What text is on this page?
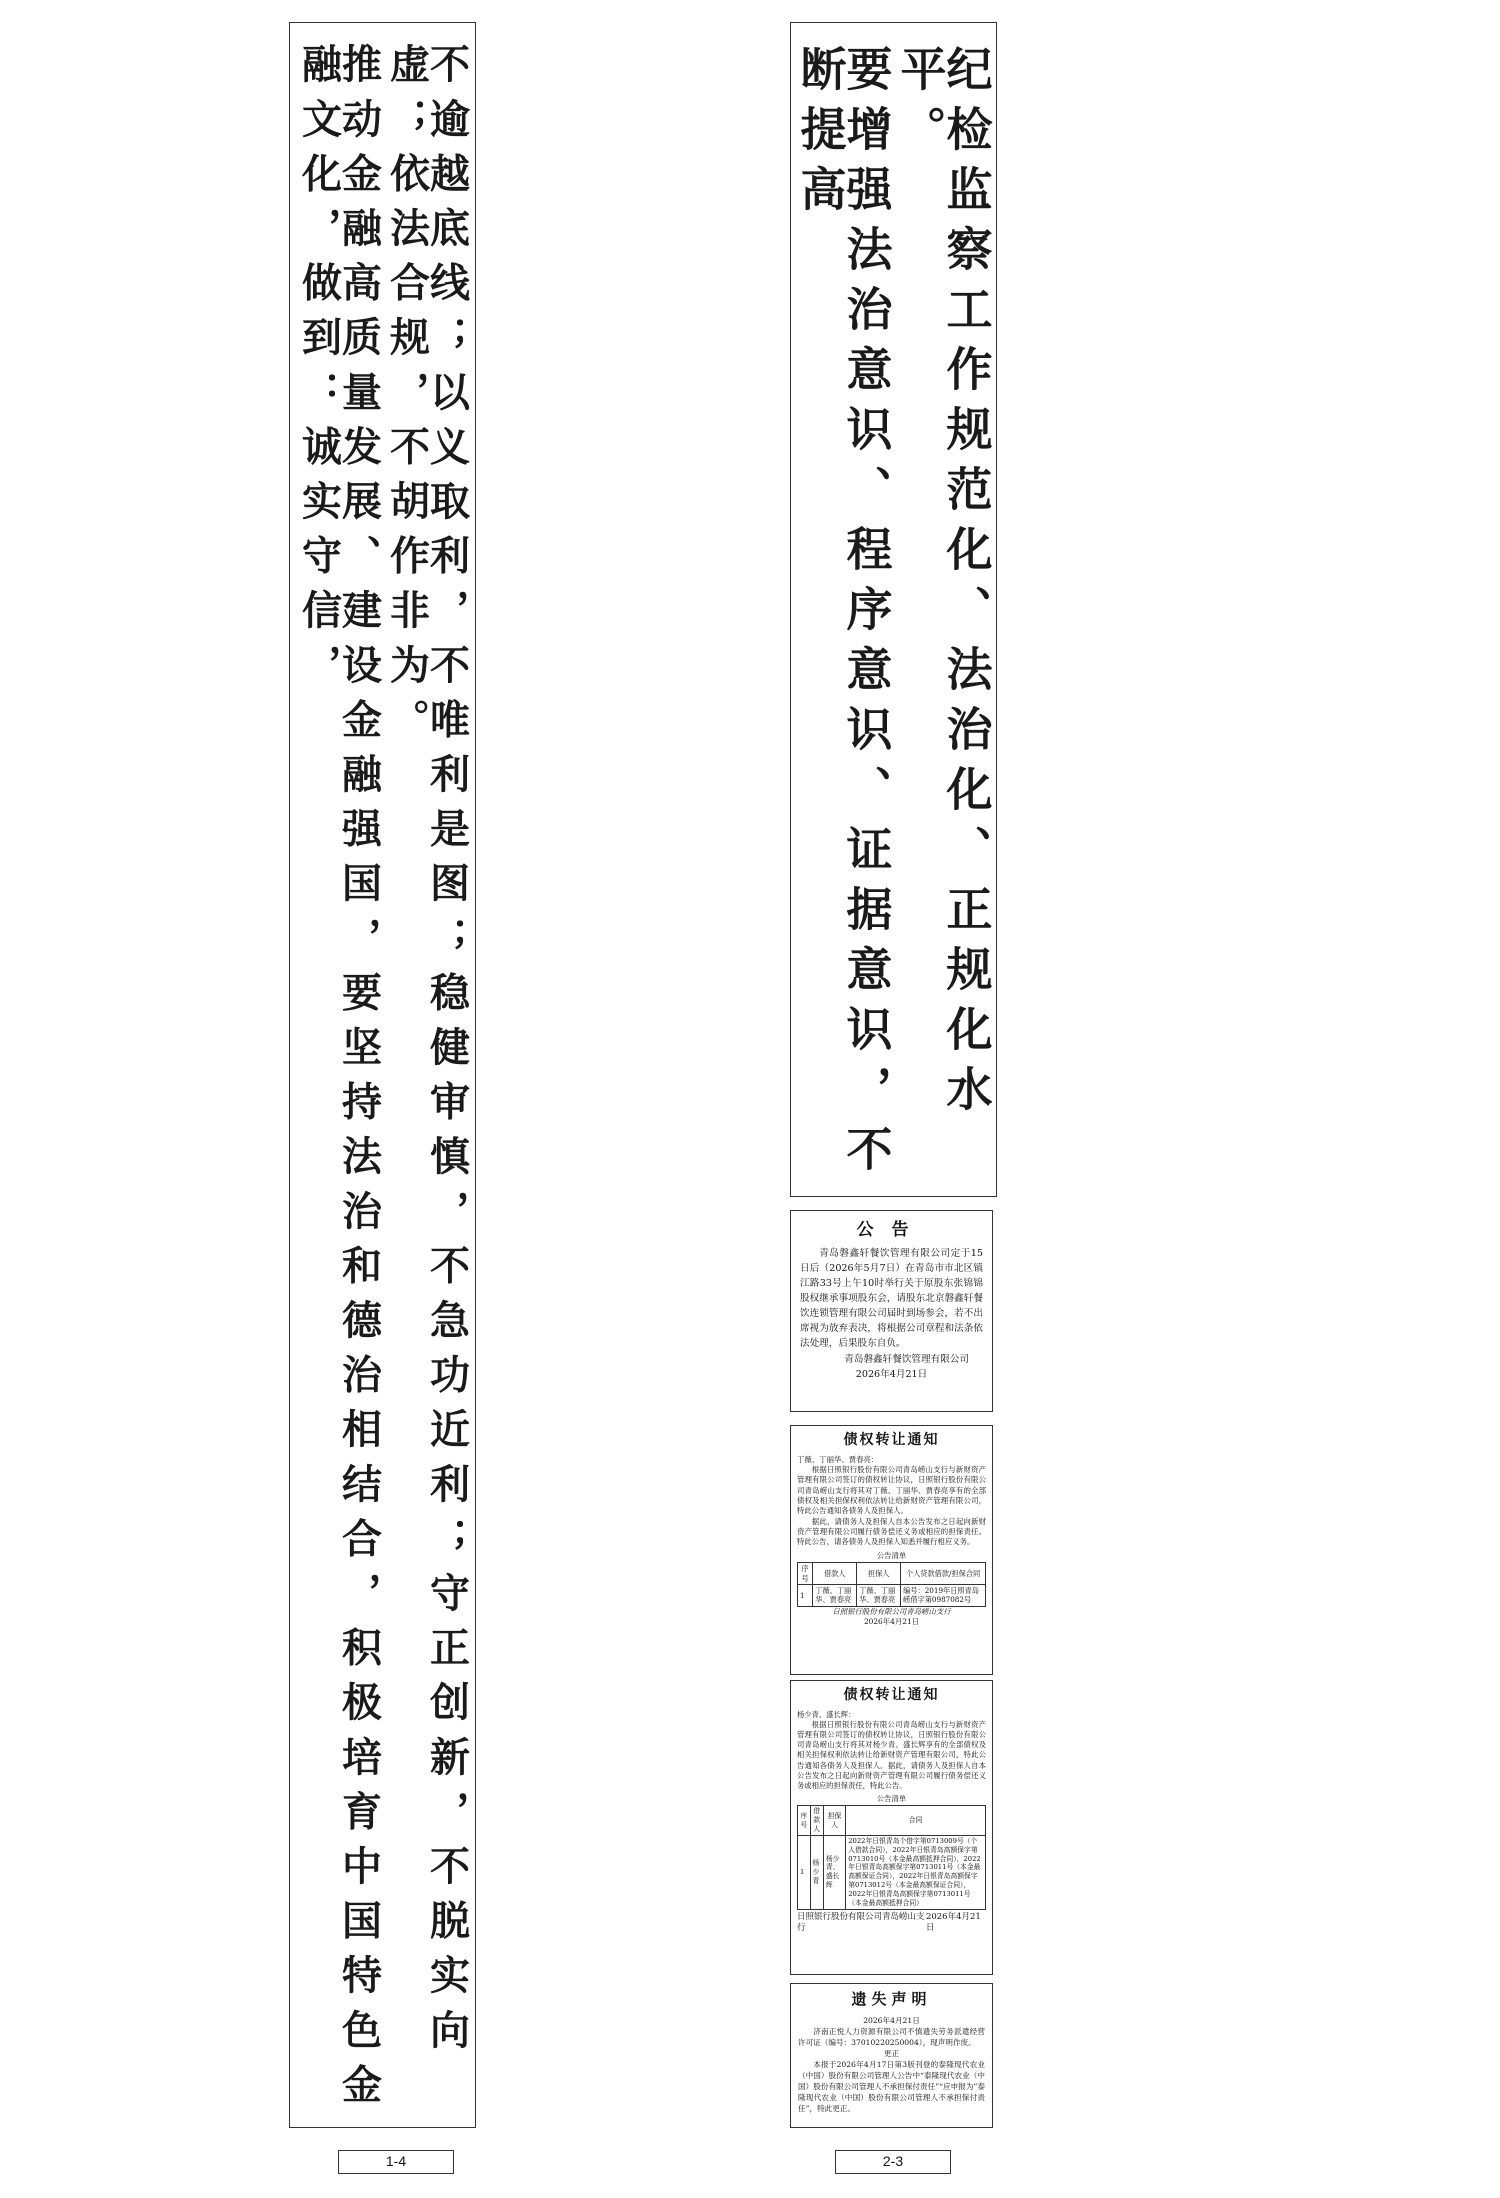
不逾越底线；以义取利，不唯利是图；稳健审慎，不急功近利；守正创新，不脱实向虚；依法合规，不胡作非为。
推动金融高质量发展、建设金融强国，要坚持法治和德治相结合，积极培育中国特色金融文化，做到：诚实守信，	纪检监察工作规范化、法治化、正规化水平。
要增强法治意识、程序意识、证据意识，不断提高
公告

青岛磐鑫轩餐饮管理有限公司定于15日后（2026年5月7日）在青岛市市北区镇江路33号上午10时举行关于原股东张锦锦股权继承事项股东会，请股东北京磐鑫轩餐饮连锁管理有限公司届时到场参会，若不出席视为放弃表决，将根据公司章程和法条依法处理，后果股东自负。

青岛磐鑫轩餐饮管理有限公司
2026年4月21日
债权转让通知
丁薇、丁丽华、贾春亮：

根据日照银行股份有限公司青岛崂山支行与新财资产管理有限公司签订的债权转让协议，日照银行股份有限公司青岛崂山支行将其对丁薇、丁丽华、贾春亮享有的全部债权及相关担保权利依法转让给新财资产管理有限公司，特此公告通知各债务人及担保人。

据此，请债务人及担保人自本公告发布之日起向新财资产管理有限公司履行债务偿还义务或相应的担保责任。特此公告，请各债务人及担保人知悉并履行相应义务。

公告清单
序号	借款人	担保人	个人贷款借款/担保合同
1	丁薇、丁丽华、贾春亮	丁薇、丁丽华、贾春亮	编号：2019年日照青岛崂借字第0987082号
日照银行股份有限公司青岛崂山支行
2026年4月21日
债权转让通知
杨少青、盛长辉：

根据日照银行股份有限公司青岛崂山支行与新财资产管理有限公司签订的债权转让协议，日照银行股份有限公司青岛崂山支行将其对杨少青、盛长辉享有的全部债权及相关担保权利依法转让给新财资产管理有限公司，特此公告通知各债务人及担保人。据此，请债务人及担保人自本公告发布之日起向新财资产管理有限公司履行债务偿还义务或相应的担保责任，特此公告。

公告清单
序号	借款人	担保人	合同
1	杨少青	杨少青、盛长辉	2022年日银青岛个借字第0713009号（个人借款合同），2022年日银青岛高额保字第0713010号（本金最高额抵押合同），2022年日银青岛高额保字第0713011号（本金最高额保证合同），2022年日银青岛高额保字第0713012号（本金最高额保证合同），2022年日银青岛高额保字第0713011号（本金最高额抵押合同）
日照银行股份有限公司青岛崂山支行
2026年4月21日
遗失声明
2026年4月21日

济南正悦人力资源有限公司不慎遗失劳务派遣经营许可证（编号：37010220250004），现声明作废。

更正

本报于2026年4月17日第3版刊登的泰隆现代农业（中国）股份有限公司管理人公告中“泰隆现代农业（中国）股份有限公司管理人不承担保付责任”“应申报为”泰隆现代农业（中国）股份有限公司管理人不承担保付责任”，特此更正。

1-4	2-3
